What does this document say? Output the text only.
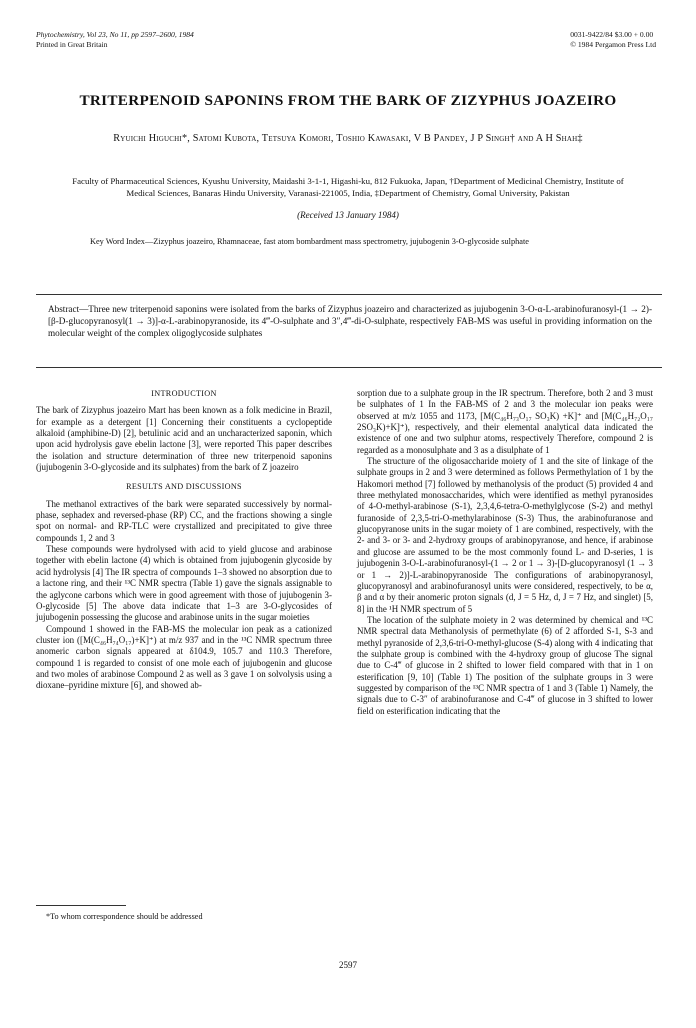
Phytochemistry, Vol 23, No 11, pp 2597–2600, 1984
Printed in Great Britain
0031-9422/84 $3.00 + 0.00
© 1984 Pergamon Press Ltd
TRITERPENOID SAPONINS FROM THE BARK OF ZIZYPHUS JOAZEIRO
Ryuichi Higuchi*, Satomi Kubota, Tetsuya Komori, Toshio Kawasaki, V B Pandey, J P Singh† and A H Shah‡
Faculty of Pharmaceutical Sciences, Kyushu University, Maidashi 3-1-1, Higashi-ku, 812 Fukuoka, Japan, †Department of Medicinal Chemistry, Institute of Medical Sciences, Banaras Hindu University, Varanasi-221005, India, ‡Department of Chemistry, Gomal University, Pakistan
(Received 13 January 1984)
Key Word Index—Zizyphus joazeiro, Rhamnaceae, fast atom bombardment mass spectrometry, jujubogenin 3-O-glycoside sulphate
Abstract—Three new triterpenoid saponins were isolated from the barks of Zizyphus joazeiro and characterized as jujubogenin 3-O-α-L-arabinofuranosyl-(1 → 2)-[β-D-glucopyranosyl(1 → 3)]-α-L-arabinopyranoside, its 4‴-O-sulphate and 3″,4‴-di-O-sulphate, respectively FAB-MS was useful in providing information on the molecular weight of the complex oligoglycoside sulphates
INTRODUCTION

The bark of Zizyphus joazeiro Mart has been known as a folk medicine in Brazil, for example as a detergent [1] Concerning their constituents a cyclopeptide alkaloid (amphibine-D) [2], betulinic acid and an uncharacterized saponin, which upon acid hydrolysis gave ebelin lactone [3], were reported This paper describes the isolation and structure determination of three new triterpenoid saponins (jujubogenin 3-O-glycoside and its sulphates) from the bark of Z joazeiro

RESULTS AND DISCUSSIONS

The methanol extractives of the bark were separated successively by normal-phase, sephadex and reversed-phase (RP) CC, and the fractions showing a single spot on normal- and RP-TLC were crystallized and precipitated to give three compounds 1, 2 and 3

These compounds were hydrolysed with acid to yield glucose and arabinose together with ebelin lactone (4) which is obtained from jujubogenin glycoside by acid hydrolysis [4] The IR spectra of compounds 1–3 showed no absorption due to a lactone ring, and their ¹³C NMR spectra (Table 1) gave the signals assignable to the aglycone carbons which were in good agreement with those of jujubogenin 3-O-glycoside [5] The above data indicate that 1–3 are 3-O-glycosides of jujubogenin possessing the glucose and arabinose units in the sugar moieties

Compound 1 showed in the FAB-MS the molecular ion peak as a cationized cluster ion ([M(C₄₆H₇₄O₁₇)+K]⁺) at m/z 937 and in the ¹³C NMR spectrum three anomeric carbon signals appeared at δ104.9, 105.7 and 110.3 Therefore, compound 1 is regarded to consist of one mole each of jujubogenin and glucose and two moles of arabinose Compound 2 as well as 3 gave 1 on solvolysis using a dioxane–pyridine mixture [6], and showed ab-

sorption due to a sulphate group in the IR spectrum. Therefore, both 2 and 3 must be sulphates of 1 In the FAB-MS of 2 and 3 the molecular ion peaks were observed at m/z 1055 and 1173, [M(C₄₆H₇₃O₁₇ SO₃K) +K]⁺ and [M(C₄₆H₇₂O₁₇ 2SO₃K)+K]⁺), respectively, and their elemental analytical data indicated the existence of one and two sulphur atoms, respectively Therefore, compound 2 is regarded as a monosulphate and 3 as a disulphate of 1

The structure of the oligosaccharide moiety of 1 and the site of linkage of the sulphate groups in 2 and 3 were determined as follows Permethylation of 1 by the Hakomori method [7] followed by methanolysis of the product (5) provided 4 and three methylated monosaccharides, which were identified as methyl pyranosides of 4-O-methyl-arabinose (S-1), 2,3,4,6-tetra-O-methylglycose (S-2) and methyl furanoside of 2,3,5-tri-O-methylarabinose (S-3) Thus, the arabinofuranose and glucopyranose units in the sugar moiety of 1 are combined, respectively, with the 2- and 3- or 3- and 2-hydroxy groups of arabinopyranose, and hence, if arabinose and glucose are assumed to be the most commonly found L- and D-series, 1 is jujubogenin 3-O-L-arabinofuranosyl-(1 → 2 or 1 → 3)-[D-glucopyranosyl (1 → 3 or 1 → 2)]-L-arabinopyranoside The configurations of arabinopyranosyl, glucopyranosyl and arabinofuranosyl units were considered, respectively, to be α, β and α by their anomeric proton signals (d, J = 5 Hz, d, J = 7 Hz, and singlet) [5, 8] in the ¹H NMR spectrum of 5

The location of the sulphate moiety in 2 was determined by chemical and ¹³C NMR spectral data Methanolysis of permethylate (6) of 2 afforded S-1, S-3 and methyl pyranoside of 2,3,6-tri-O-methyl-glucose (S-4) along with 4 indicating that the sulphate group is combined with the 4-hydroxy group of glucose The signal due to C-4‴ of glucose in 2 shifted to lower field compared with that in 1 on esterification [9, 10] (Table 1) The position of the sulphate groups in 3 were suggested by comparison of the ¹³C NMR spectra of 1 and 3 (Table 1) Namely, the signals due to C-3″ of arabinofuranose and C-4‴ of glucose in 3 shifted to lower field on esterification indicating that the

*To whom correspondence should be addressed
2597
